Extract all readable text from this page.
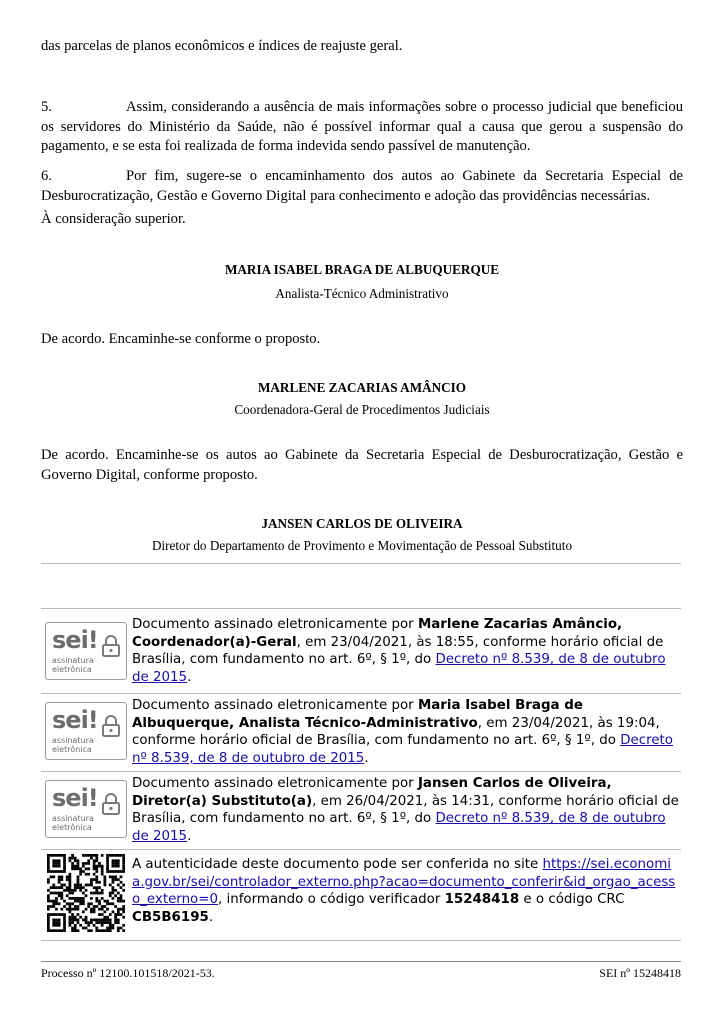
das parcelas de planos econômicos e índices de reajuste geral.
5.	Assim, considerando a ausência de mais informações sobre o processo judicial que beneficiou os servidores do Ministério da Saúde, não é possível informar qual a causa que gerou a suspensão do pagamento, e se esta foi realizada de forma indevida sendo passível de manutenção.
6.	Por fim, sugere-se o encaminhamento dos autos ao Gabinete da Secretaria Especial de Desburocratização, Gestão e Governo Digital para conhecimento e adoção das providências necessárias.
À consideração superior.
MARIA ISABEL BRAGA DE ALBUQUERQUE
Analista-Técnico Administrativo
De acordo. Encaminhe-se conforme o proposto.
MARLENE ZACARIAS AMÂNCIO
Coordenadora-Geral de Procedimentos Judiciais
De acordo. Encaminhe-se os autos ao Gabinete da Secretaria Especial de Desburocratização, Gestão e Governo Digital, conforme proposto.
JANSEN CARLOS DE OLIVEIRA
Diretor do Departamento de Provimento e Movimentação de Pessoal Substituto
sei!
assinatura
eletrônica
Documento assinado eletronicamente por Marlene Zacarias Amâncio, Coordenador(a)-Geral, em 23/04/2021, às 18:55, conforme horário oficial de Brasília, com fundamento no art. 6º, § 1º, do Decreto nº 8.539, de 8 de outubro de 2015.
sei!
assinatura
eletrônica
Documento assinado eletronicamente por Maria Isabel Braga de Albuquerque, Analista Técnico-Administrativo, em 23/04/2021, às 19:04, conforme horário oficial de Brasília, com fundamento no art. 6º, § 1º, do Decreto nº 8.539, de 8 de outubro de 2015.
sei!
assinatura
eletrônica
Documento assinado eletronicamente por Jansen Carlos de Oliveira, Diretor(a) Substituto(a), em 26/04/2021, às 14:31, conforme horário oficial de Brasília, com fundamento no art. 6º, § 1º, do Decreto nº 8.539, de 8 de outubro de 2015.
A autenticidade deste documento pode ser conferida no site https://sei.economia.gov.br/sei/controlador_externo.php?acao=documento_conferir&id_orgao_acesso_externo=0, informando o código verificador 15248418 e o código CRC CB5B6195.
Processo nº 12100.101518/2021-53.	SEI nº 15248418
